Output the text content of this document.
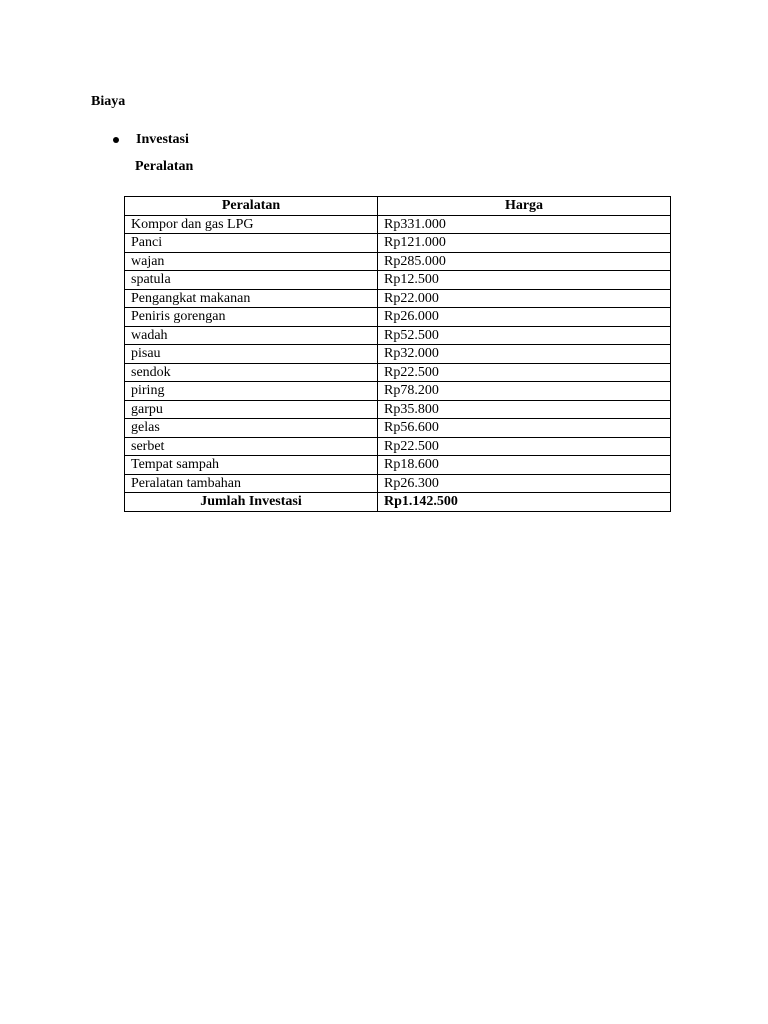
Biaya
Investasi
Peralatan
Peralatan	Harga
Kompor dan gas LPG	Rp331.000
Panci	Rp121.000
wajan	Rp285.000
spatula	Rp12.500
Pengangkat makanan	Rp22.000
Peniris gorengan	Rp26.000
wadah	Rp52.500
pisau	Rp32.000
sendok	Rp22.500
piring	Rp78.200
garpu	Rp35.800
gelas	Rp56.600
serbet	Rp22.500
Tempat sampah	Rp18.600
Peralatan tambahan	Rp26.300
Jumlah Investasi	Rp1.142.500
